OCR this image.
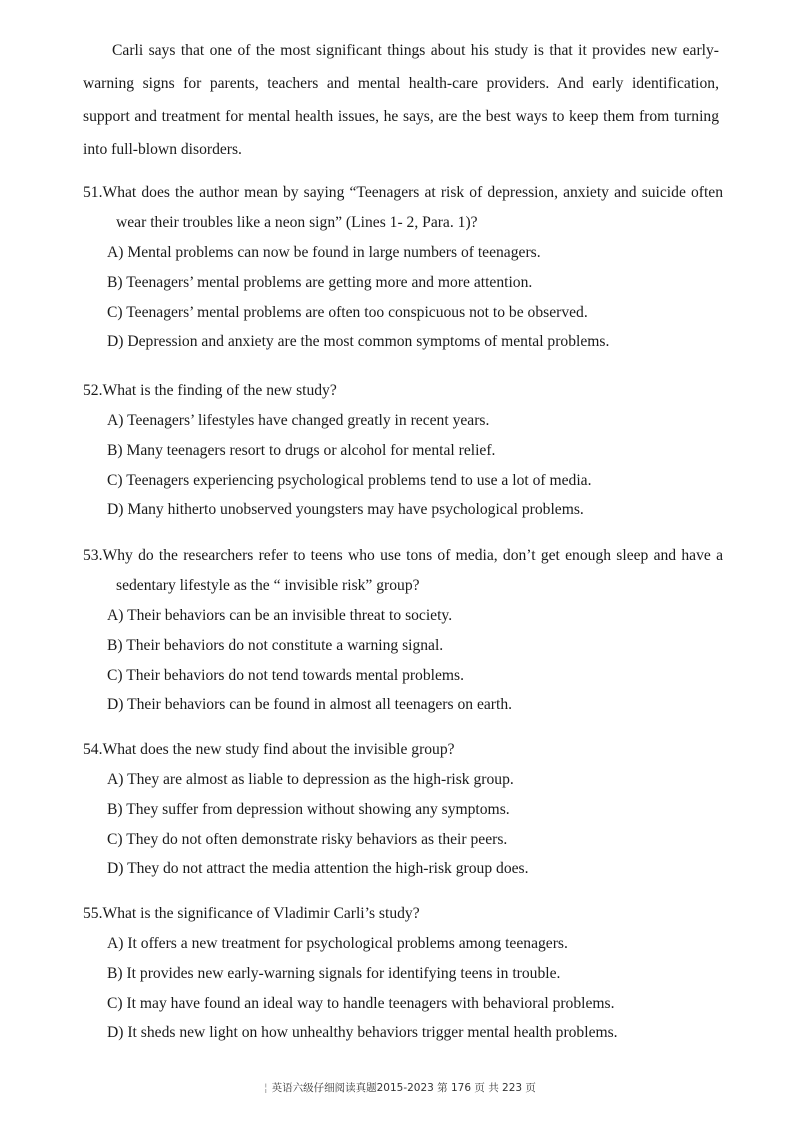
Carli says that one of the most significant things about his study is that it provides new early-warning signs for parents, teachers and mental health-care providers. And early identification, support and treatment for mental health issues, he says, are the best ways to keep them from turning into full-blown disorders.

51.What does the author mean by saying “Teenagers at risk of depression, anxiety and suicide often wear their troubles like a neon sign” (Lines 1- 2, Para. 1)?

A) Mental problems can now be found in large numbers of teenagers.
B) Teenagers’ mental problems are getting more and more attention.
C) Teenagers’ mental problems are often too conspicuous not to be observed.
D) Depression and anxiety are the most common symptoms of mental problems.

52.What is the finding of the new study?

A) Teenagers’ lifestyles have changed greatly in recent years.
B) Many teenagers resort to drugs or alcohol for mental relief.
C) Teenagers experiencing psychological problems tend to use a lot of media.
D) Many hitherto unobserved youngsters may have psychological problems.

53.Why do the researchers refer to teens who use tons of media, don’t get enough sleep and have a sedentary lifestyle as the “ invisible risk” group?

A) Their behaviors can be an invisible threat to society.
B) Their behaviors do not constitute a warning signal.
C) Their behaviors do not tend towards mental problems.
D) Their behaviors can be found in almost all teenagers on earth.

54.What does the new study find about the invisible group?

A) They are almost as liable to depression as the high-risk group.
B) They suffer from depression without showing any symptoms.
C) They do not often demonstrate risky behaviors as their peers.
D) They do not attract the media attention the high-risk group does.

55.What is the significance of Vladimir Carli’s study?

A) It offers a new treatment for psychological problems among teenagers.
B) It provides new early-warning signals for identifying teens in trouble.
C) It may have found an ideal way to handle teenagers with behavioral problems.
D) It sheds new light on how unhealthy behaviors trigger mental health problems.
¦ 英语六级仔细阅读真题2015-2023 第 176 页 共 223 页
